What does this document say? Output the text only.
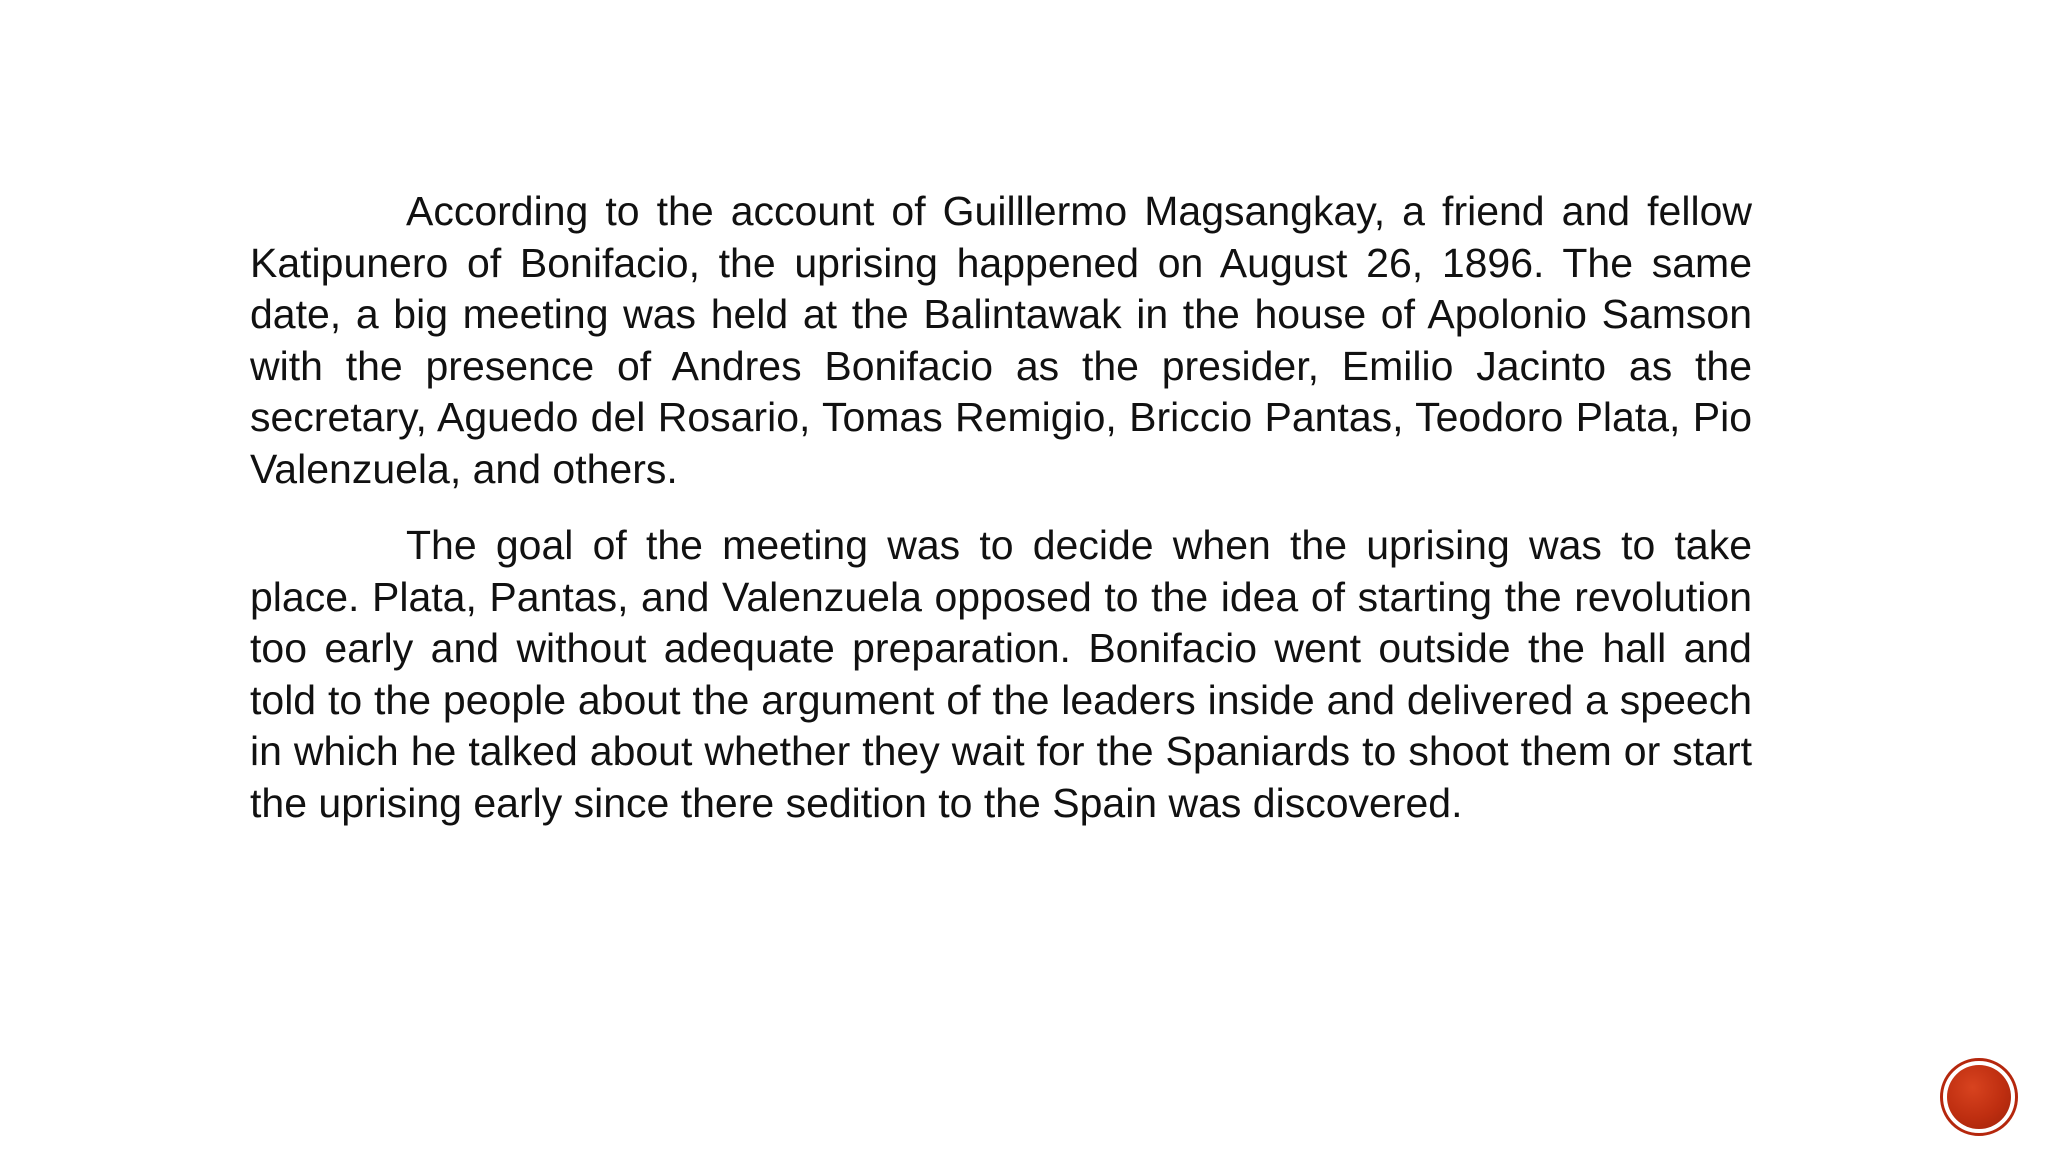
According to the account of Guilllermo Magsangkay, a friend and fellow Katipunero of Bonifacio, the uprising happened on August 26, 1896. The same date, a big meeting was held at the Balintawak in the house of Apolonio Samson with the presence of Andres Bonifacio as the presider, Emilio Jacinto as the secretary, Aguedo del Rosario, Tomas Remigio, Briccio Pantas, Teodoro Plata, Pio Valenzuela, and others.

The goal of the meeting was to decide when the uprising was to take place. Plata, Pantas, and Valenzuela opposed to the idea of starting the revolution too early and without adequate preparation. Bonifacio went outside the hall and told to the people about the argument of the leaders inside and delivered a speech in which he talked about whether they wait for the Spaniards to shoot them or start the uprising early since there sedition to the Spain was discovered.
